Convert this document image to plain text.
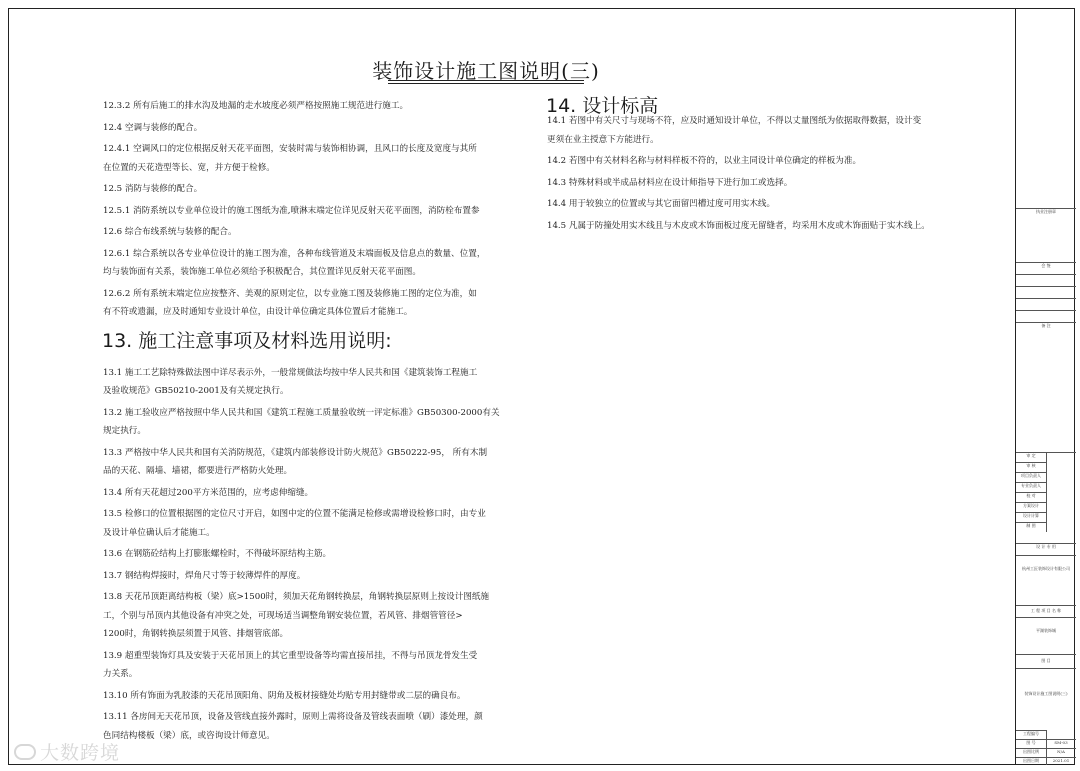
装饰设计施工图说明(三)

12.3.2 所有后施工的排水沟及地漏的走水坡度必须严格按照施工规范进行施工。

12.4 空调与装修的配合。

12.4.1 空调风口的定位根据反射天花平面图，安装时需与装饰相协调，且风口的长度及宽度与其所

在位置的天花造型等长、宽，并方便于检修。

12.5 消防与装修的配合。

12.5.1 消防系统以专业单位设计的施工图纸为准,喷淋末端定位详见反射天花平面图，消防栓布置参

12.6 综合布线系统与装修的配合。

12.6.1 综合系统以各专业单位设计的施工图为准，各种布线管道及末端面板及信息点的数量、位置，

均与装饰面有关系，装饰施工单位必须给予积极配合，其位置详见反射天花平面图。

12.6.2 所有系统末端定位应按整齐、美观的原则定位，以专业施工图及装修施工图的定位为准，如

有不符或遗漏，应及时通知专业设计单位，由设计单位确定具体位置后才能施工。

13. 施工注意事项及材料选用说明:

13.1 施工工艺除特殊做法图中详尽表示外，一般常规做法均按中华人民共和国《建筑装饰工程施工

及验收规范》GB50210-2001及有关规定执行。

13.2 施工验收应严格按照中华人民共和国《建筑工程施工质量验收统一评定标准》GB50300-2000有关

规定执行。

13.3 严格按中华人民共和国有关消防规范，《建筑内部装修设计防火规范》GB50222-95， 所有木制

品的天花、隔墙、墙裙，都要进行严格防火处理。

13.4 所有天花超过200平方米范围的，应考虑伸缩缝。

13.5 检修口的位置根据图的定位尺寸开启，如图中定的位置不能满足检修或需增设检修口时，由专业

及设计单位确认后才能施工。

13.6 在钢筋砼结构上打膨胀螺栓时，不得破坏原结构主筋。

13.7 钢结构焊接时，焊角尺寸等于较薄焊件的厚度。

13.8 天花吊顶距离结构板（梁）底>1500时，须加天花角钢转换层，角钢转换层原则上按设计图纸施

工，个别与吊顶内其他设备有冲突之处，可现场适当调整角钢安装位置，若风管、排烟管管径>

1200时，角钢转换层须置于风管、排烟管底部。

13.9 超重型装饰灯具及安装于天花吊顶上的其它重型设备等均需直接吊挂，不得与吊顶龙骨发生受

力关系。

13.10 所有饰面为乳胶漆的天花吊顶阳角、阴角及板材接缝处均贴专用封缝带或二层的确良布。

13.11 各房间无天花吊顶，设备及管线直接外露时，原则上需将设备及管线表面喷（刷）漆处理，颜

色同结构楼板（梁）底，或咨询设计师意见。

14. 设计标高

14.1 若图中有关尺寸与现场不符，应及时通知设计单位，不得以丈量图纸为依据取得数据，设计变

更须在业主授意下方能进行。

14.2 若图中有关材料名称与材料样板不符的，以业主同设计单位确定的样板为准。

14.3 特殊材料或半成品材料应在设计师指导下进行加工或选择。

14.4 用于较独立的位置或与其它面留凹槽过度可用实木线。

14.5 凡属于防撞处用实木线且与木皮或木饰面板过度无留缝者，均采用木皮或木饰面贴于实木线上。

执业注册章
会 签
备 注
审 定
审 核
项目负责人
专业负责人
校 对
方案设计
设计计算
制 图
设 计 专 用
杭州工匠装饰设计有限公司
工 程 项 目 名 称
平湖装饰城
图 目
装饰设计施工图说明(三)
工程编号
图 号
出图比例
出图日期
SM-03
N/A
2021.01
大数跨境
